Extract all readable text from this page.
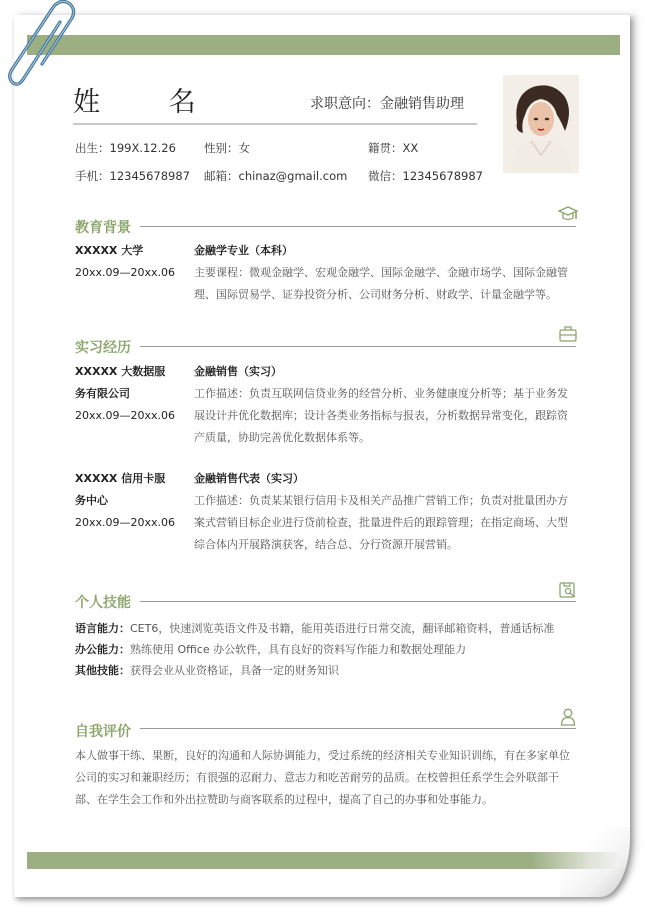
姓 名	求职意向：金融销售助理
出生：199X.12.26 性别：女	籍贯：XX
手机：12345678987 邮箱：chinaz@gmail.com 微信：12345678987
教育背景
XXXXX 大学
20xx.09—20xx.06
金融学专业（本科）
主要课程：微观金融学、宏观金融学、国际金融学、金融市场学、国际金融管理、国际贸易学、证券投资分析、公司财务分析、财政学、计量金融学等。
实习经历
XXXXX 大数据服
务有限公司
20xx.09—20xx.06
金融销售（实习）
工作描述：负责互联网信贷业务的经营分析、业务健康度分析等；基于业务发展设计并优化数据库；设计各类业务指标与报表，分析数据异常变化，跟踪资产质量，协助完善优化数据体系等。
XXXXX 信用卡服
务中心
20xx.09—20xx.06
金融销售代表（实习）
工作描述：负责某某银行信用卡及相关产品推广营销工作；负责对批量团办方案式营销目标企业进行贷前检查，批量进件后的跟踪管理；在指定商场、大型综合体内开展路演获客，结合总、分行资源开展营销。
个人技能
语言能力：CET6，快速浏览英语文件及书籍，能用英语进行日常交流，翻译邮箱资料，普通话标准
办公能力：熟练使用 Office 办公软件，具有良好的资料写作能力和数据处理能力
其他技能：获得会业从业资格证，具备一定的财务知识
自我评价
本人做事干练、果断，良好的沟通和人际协调能力，受过系统的经济相关专业知识训练，有在多家单位公司的实习和兼职经历；有很强的忍耐力、意志力和吃苦耐劳的品质。在校曾担任系学生会外联部干部、在学生会工作和外出拉赞助与商客联系的过程中，提高了自己的办事和处事能力。
